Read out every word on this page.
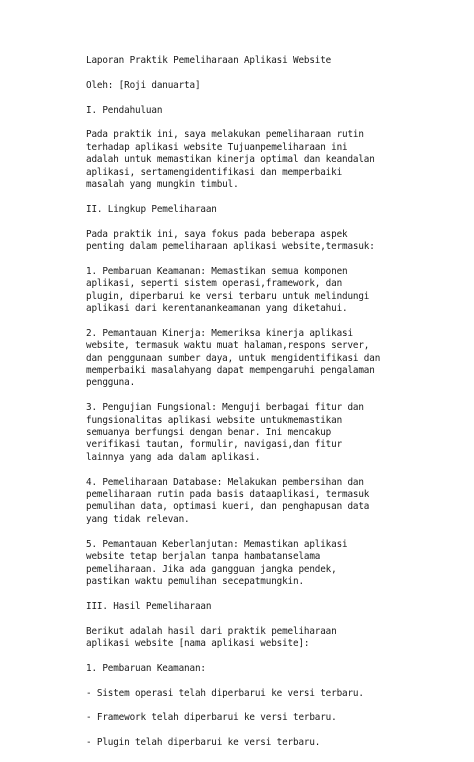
Laporan Praktik Pemeliharaan Aplikasi Website
Oleh: [Roji danuarta]
I. Pendahuluan
Pada praktik ini, saya melakukan pemeliharaan rutin
terhadap aplikasi website Tujuanpemeliharaan ini
adalah untuk memastikan kinerja optimal dan keandalan
aplikasi, sertamengidentifikasi dan memperbaiki
masalah yang mungkin timbul.
II. Lingkup Pemeliharaan
Pada praktik ini, saya fokus pada beberapa aspek
penting dalam pemeliharaan aplikasi website,termasuk:
1. Pembaruan Keamanan: Memastikan semua komponen
aplikasi, seperti sistem operasi,framework, dan
plugin, diperbarui ke versi terbaru untuk melindungi
aplikasi dari kerentanankeamanan yang diketahui.
2. Pemantauan Kinerja: Memeriksa kinerja aplikasi
website, termasuk waktu muat halaman,respons server,
dan penggunaan sumber daya, untuk mengidentifikasi dan
memperbaiki masalahyang dapat mempengaruhi pengalaman
pengguna.
3. Pengujian Fungsional: Menguji berbagai fitur dan
fungsionalitas aplikasi website untukmemastikan
semuanya berfungsi dengan benar. Ini mencakup
verifikasi tautan, formulir, navigasi,dan fitur
lainnya yang ada dalam aplikasi.
4. Pemeliharaan Database: Melakukan pembersihan dan
pemeliharaan rutin pada basis dataaplikasi, termasuk
pemulihan data, optimasi kueri, dan penghapusan data
yang tidak relevan.
5. Pemantauan Keberlanjutan: Memastikan aplikasi
website tetap berjalan tanpa hambatanselama
pemeliharaan. Jika ada gangguan jangka pendek,
pastikan waktu pemulihan secepatmungkin.
III. Hasil Pemeliharaan
Berikut adalah hasil dari praktik pemeliharaan
aplikasi website [nama aplikasi website]:
1. Pembaruan Keamanan:
- Sistem operasi telah diperbarui ke versi terbaru.
- Framework telah diperbarui ke versi terbaru.
- Plugin telah diperbarui ke versi terbaru.
